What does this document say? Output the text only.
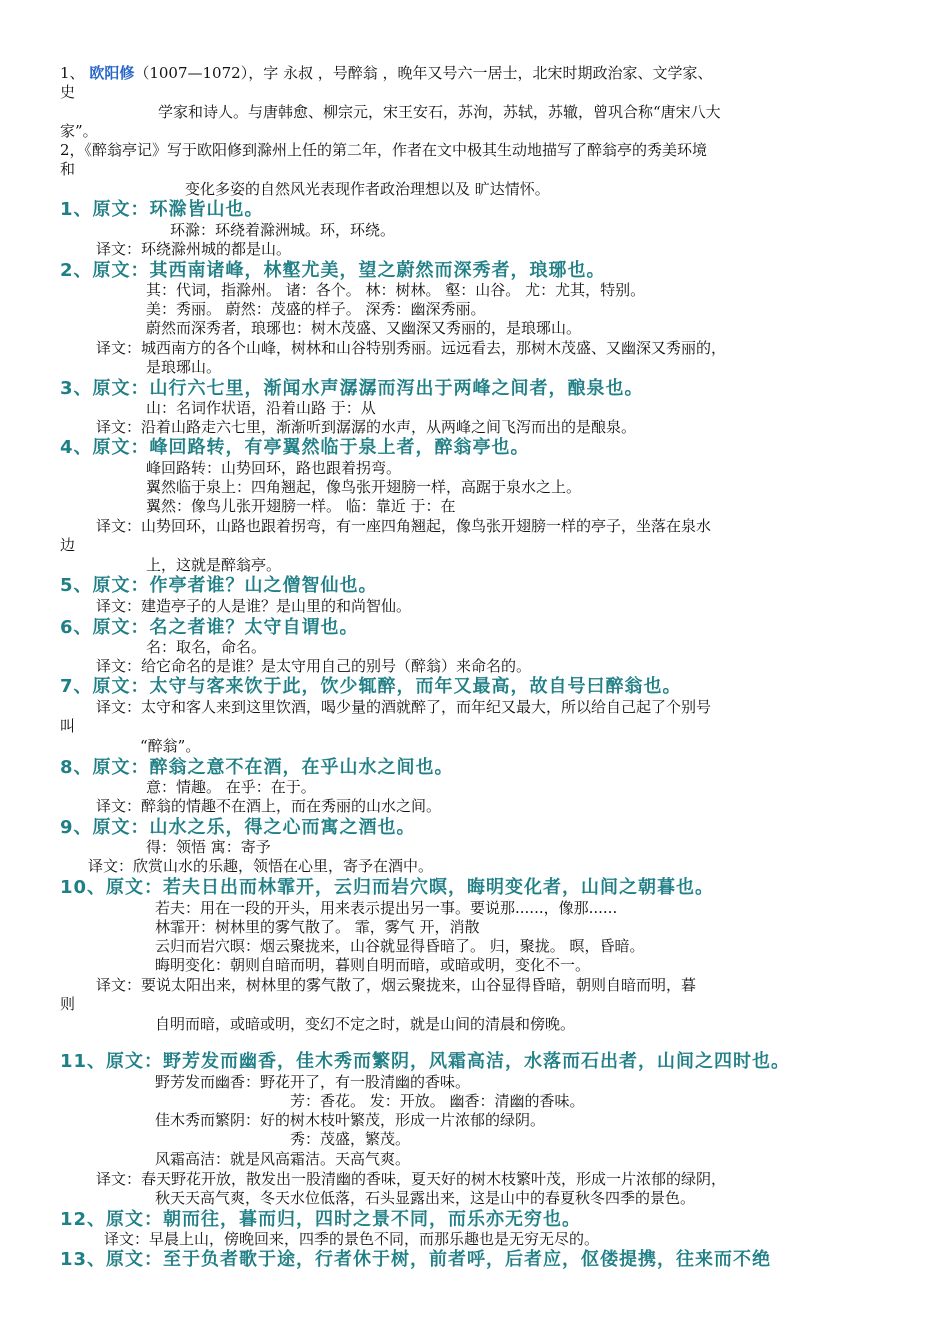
1、 欧阳修（1007—1072），字 永叔 ，号醉翁 ，晚年又号六一居士，北宋时期政治家、文学家、
史
学家和诗人。与唐韩愈、柳宗元，宋王安石，苏洵，苏轼，苏辙，曾巩合称“唐宋八大
家”。
2，《醉翁亭记》写于欧阳修到滁州上任的第二年，作者在文中极其生动地描写了醉翁亭的秀美环境
和
变化多姿的自然风光表现作者政治理想以及 旷达情怀。
1、原文：环滁皆山也。
环滁：环绕着滁洲城。环，环绕。
译文：环绕滁州城的都是山。
2、原文：其西南诸峰，林壑尤美，望之蔚然而深秀者，琅琊也。
其：代词，指滁州。 诸：各个。 林：树林。 壑：山谷。 尤：尤其，特别。
美：秀丽。 蔚然：茂盛的样子。 深秀：幽深秀丽。
蔚然而深秀者，琅琊也：树木茂盛、又幽深又秀丽的，是琅琊山。
译文：城西南方的各个山峰，树林和山谷特别秀丽。远远看去，那树木茂盛、又幽深又秀丽的，
是琅琊山。
3、原文：山行六七里，渐闻水声潺潺而泻出于两峰之间者，酿泉也。
山：名词作状语，沿着山路 于：从
译文：沿着山路走六七里，渐渐听到潺潺的水声，从两峰之间飞泻而出的是酿泉。
4、原文：峰回路转，有亭翼然临于泉上者，醉翁亭也。
峰回路转：山势回环，路也跟着拐弯。
翼然临于泉上：四角翘起，像鸟张开翅膀一样，高踞于泉水之上。
翼然：像鸟儿张开翅膀一样。 临：靠近 于：在
译文：山势回环，山路也跟着拐弯，有一座四角翘起，像鸟张开翅膀一样的亭子，坐落在泉水
边
上，这就是醉翁亭。
5、原文：作亭者谁？山之僧智仙也。
译文：建造亭子的人是谁？是山里的和尚智仙。
6、原文：名之者谁？太守自谓也。
名：取名，命名。
译文：给它命名的是谁？是太守用自己的别号（醉翁）来命名的。
7、原文：太守与客来饮于此，饮少辄醉，而年又最高，故自号曰醉翁也。
译文：太守和客人来到这里饮酒，喝少量的酒就醉了，而年纪又最大，所以给自己起了个别号
叫
“醉翁”。
8、原文：醉翁之意不在酒，在乎山水之间也。
意：情趣。 在乎：在于。
译文：醉翁的情趣不在酒上，而在秀丽的山水之间。
9、原文：山水之乐，得之心而寓之酒也。
得：领悟 寓：寄予
译文：欣赏山水的乐趣，领悟在心里，寄予在酒中。
10、原文：若夫日出而林霏开，云归而岩穴暝，晦明变化者，山间之朝暮也。
若夫：用在一段的开头，用来表示提出另一事。要说那......，像那......
林霏开：树林里的雾气散了。 霏，雾气 开，消散
云归而岩穴暝：烟云聚拢来，山谷就显得昏暗了。 归，聚拢。 暝，昏暗。
晦明变化：朝则自暗而明，暮则自明而暗，或暗或明，变化不一。
译文：要说太阳出来，树林里的雾气散了，烟云聚拢来，山谷显得昏暗，朝则自暗而明，暮
则
自明而暗，或暗或明，变幻不定之时，就是山间的清晨和傍晚。
11、原文：野芳发而幽香，佳木秀而繁阴，风霜高洁，水落而石出者，山间之四时也。
野芳发而幽香：野花开了，有一股清幽的香味。
芳：香花。 发：开放。 幽香：清幽的香味。
佳木秀而繁阴：好的树木枝叶繁茂，形成一片浓郁的绿阴。
秀：茂盛，繁茂。
风霜高洁：就是风高霜洁。天高气爽。
译文：春天野花开放，散发出一股清幽的香味，夏天好的树木枝繁叶茂，形成一片浓郁的绿阴，
秋天天高气爽，冬天水位低落，石头显露出来，这是山中的春夏秋冬四季的景色。
12、原文：朝而往，暮而归，四时之景不同，而乐亦无穷也。
译文：早晨上山，傍晚回来，四季的景色不同，而那乐趣也是无穷无尽的。
13、原文：至于负者歌于途，行者休于树，前者呼，后者应，伛偻提携，往来而不绝
